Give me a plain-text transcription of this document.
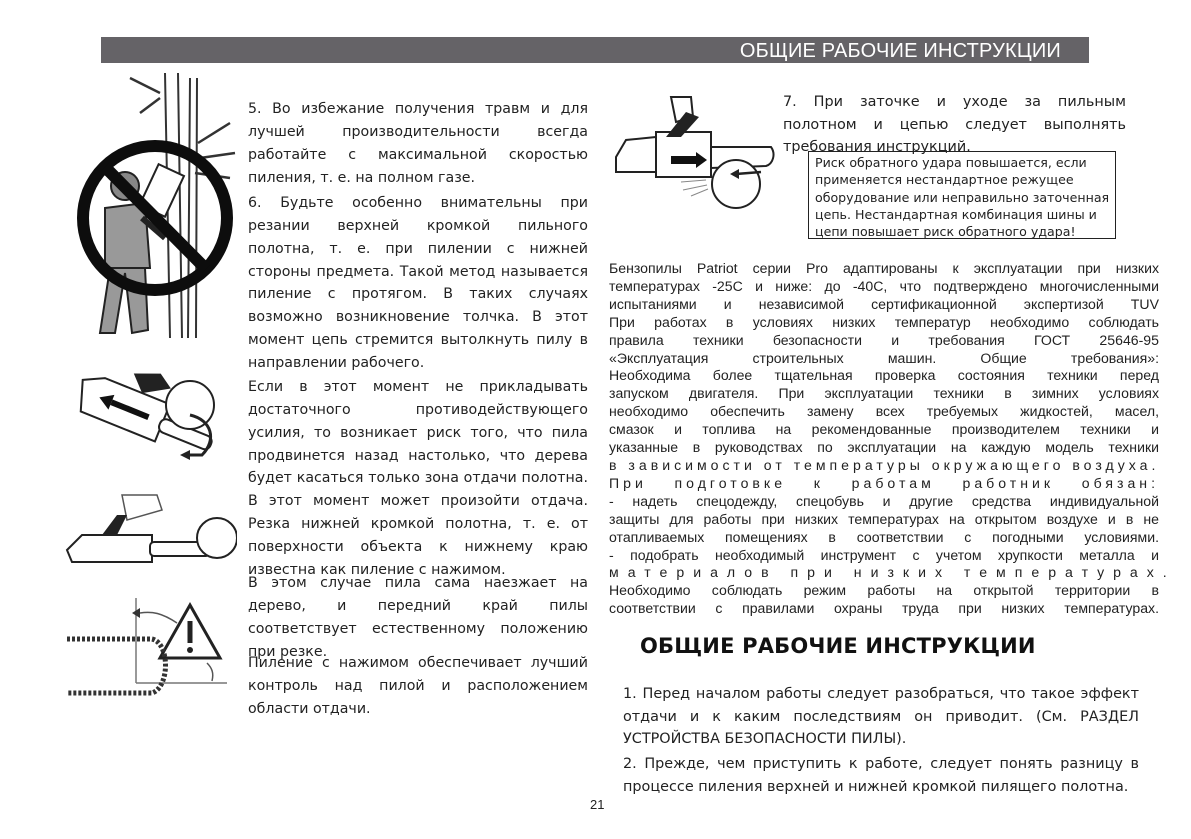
ОБЩИЕ РАБОЧИЕ ИНСТРУКЦИИ

5. Во избежание получения травм и для лучшей производительности всегда работайте с максимальной скоростью пиления, т. е. на полном газе.

6. Будьте особенно внимательны при резании верхней кромкой пильного полотна, т. е. при пилении с нижней стороны предмета. Такой метод называется пиление с протягом. В таких случаях возможно возникновение толчка. В этот момент цепь стремится вытолкнуть пилу в направлении рабочего.

Если в этот момент не прикладывать достаточного противодействующего усилия, то возникает риск того, что пила продвинется назад настолько, что дерева будет касаться только зона отдачи полотна. В этот момент может произойти отдача. Резка нижней кромкой полотна, т. е. от поверхности объекта к нижнему краю известна как пиление с нажимом.

В этом случае пила сама наезжает на дерево, и передний край пилы соответствует естественному положению при резке.

Пиление с нажимом обеспечивает лучший контроль над пилой и расположением области отдачи.

7. При заточке и уходе за пильным полотном и цепью следует выполнять требования инструкций.

Риск обратного удара повышается, если

применяется нестандартное режущее

оборудование или неправильно заточенная

цепь. Нестандартная комбинация шины и

цепи повышает риск обратного удара!

Бензопилы Patriot серии Pro адаптированы к эксплуатации при низких
температурах -25C и ниже: до -40C, что подтверждено многочисленными
испытаниями и независимой сертификационной экспертизой TUV
При работах в условиях низких температур необходимо соблюдать
правила техники безопасности и требования ГОСТ 25646-95
«Эксплуатация строительных машин. Общие требования»:
Необходима более тщательная проверка состояния техники перед
запуском двигателя. При эксплуатации техники в зимних условиях
необходимо обеспечить замену всех требуемых жидкостей, масел,
смазок и топлива на рекомендованные производителем техники и
указанные в руководствах по эксплуатации на каждую модель техники
в зависимости от температуры окружающего воздуха.
При подготовке к работам работник обязан:
- надеть спецодежду, спецобувь и другие средства индивидуальной
защиты для работы при низких температурах на открытом воздухе и в не
отапливаемых помещениях в соответствии с погодными условиями.
- подобрать необходимый инструмент с учетом хрупкости металла и
материалов при низких температурах.
Необходимо соблюдать режим работы на открытой территории в
соответствии с правилами охраны труда при низких температурах.
ОБЩИЕ РАБОЧИЕ ИНСТРУКЦИИ

1. Перед началом работы следует разобраться, что такое эффект отдачи и к каким последствиям он приводит. (См. РАЗДЕЛ УСТРОЙСТВА БЕЗОПАСНОСТИ ПИЛЫ).

2. Прежде, чем приступить к работе, следует понять разницу в процессе пиления верхней и нижней кромкой пилящего полотна.

21
